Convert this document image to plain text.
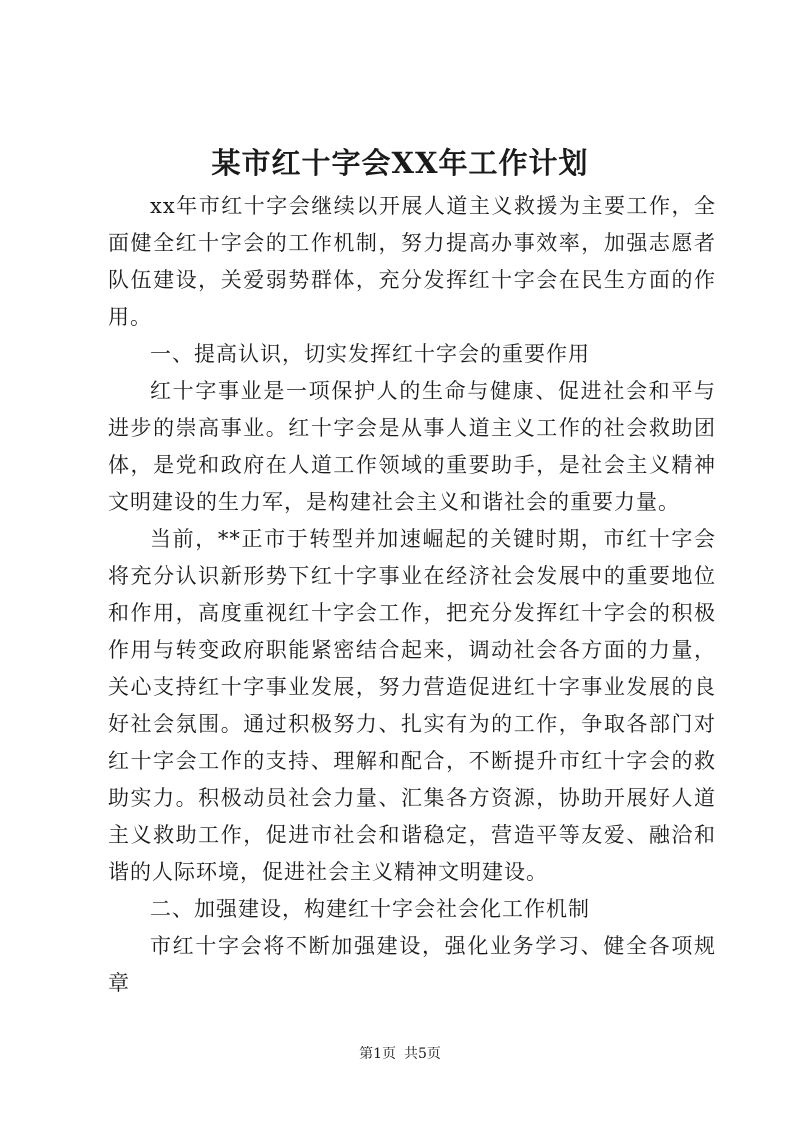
某市红十字会XX年工作计划

xx年市红十字会继续以开展人道主义救援为主要工作，全面健全红十字会的工作机制，努力提高办事效率，加强志愿者队伍建设，关爱弱势群体，充分发挥红十字会在民生方面的作用。

一、提高认识，切实发挥红十字会的重要作用

红十字事业是一项保护人的生命与健康、促进社会和平与进步的崇高事业。红十字会是从事人道主义工作的社会救助团体，是党和政府在人道工作领域的重要助手，是社会主义精神文明建设的生力军，是构建社会主义和谐社会的重要力量。

当前，**正市于转型并加速崛起的关键时期，市红十字会将充分认识新形势下红十字事业在经济社会发展中的重要地位和作用，高度重视红十字会工作，把充分发挥红十字会的积极作用与转变政府职能紧密结合起来，调动社会各方面的力量，关心支持红十字事业发展，努力营造促进红十字事业发展的良好社会氛围。通过积极努力、扎实有为的工作，争取各部门对红十字会工作的支持、理解和配合，不断提升市红十字会的救助实力。积极动员社会力量、汇集各方资源，协助开展好人道主义救助工作，促进市社会和谐稳定，营造平等友爱、融洽和谐的人际环境，促进社会主义精神文明建设。

二、加强建设，构建红十字会社会化工作机制

市红十字会将不断加强建设，强化业务学习、健全各项规章

第1页 共5页
